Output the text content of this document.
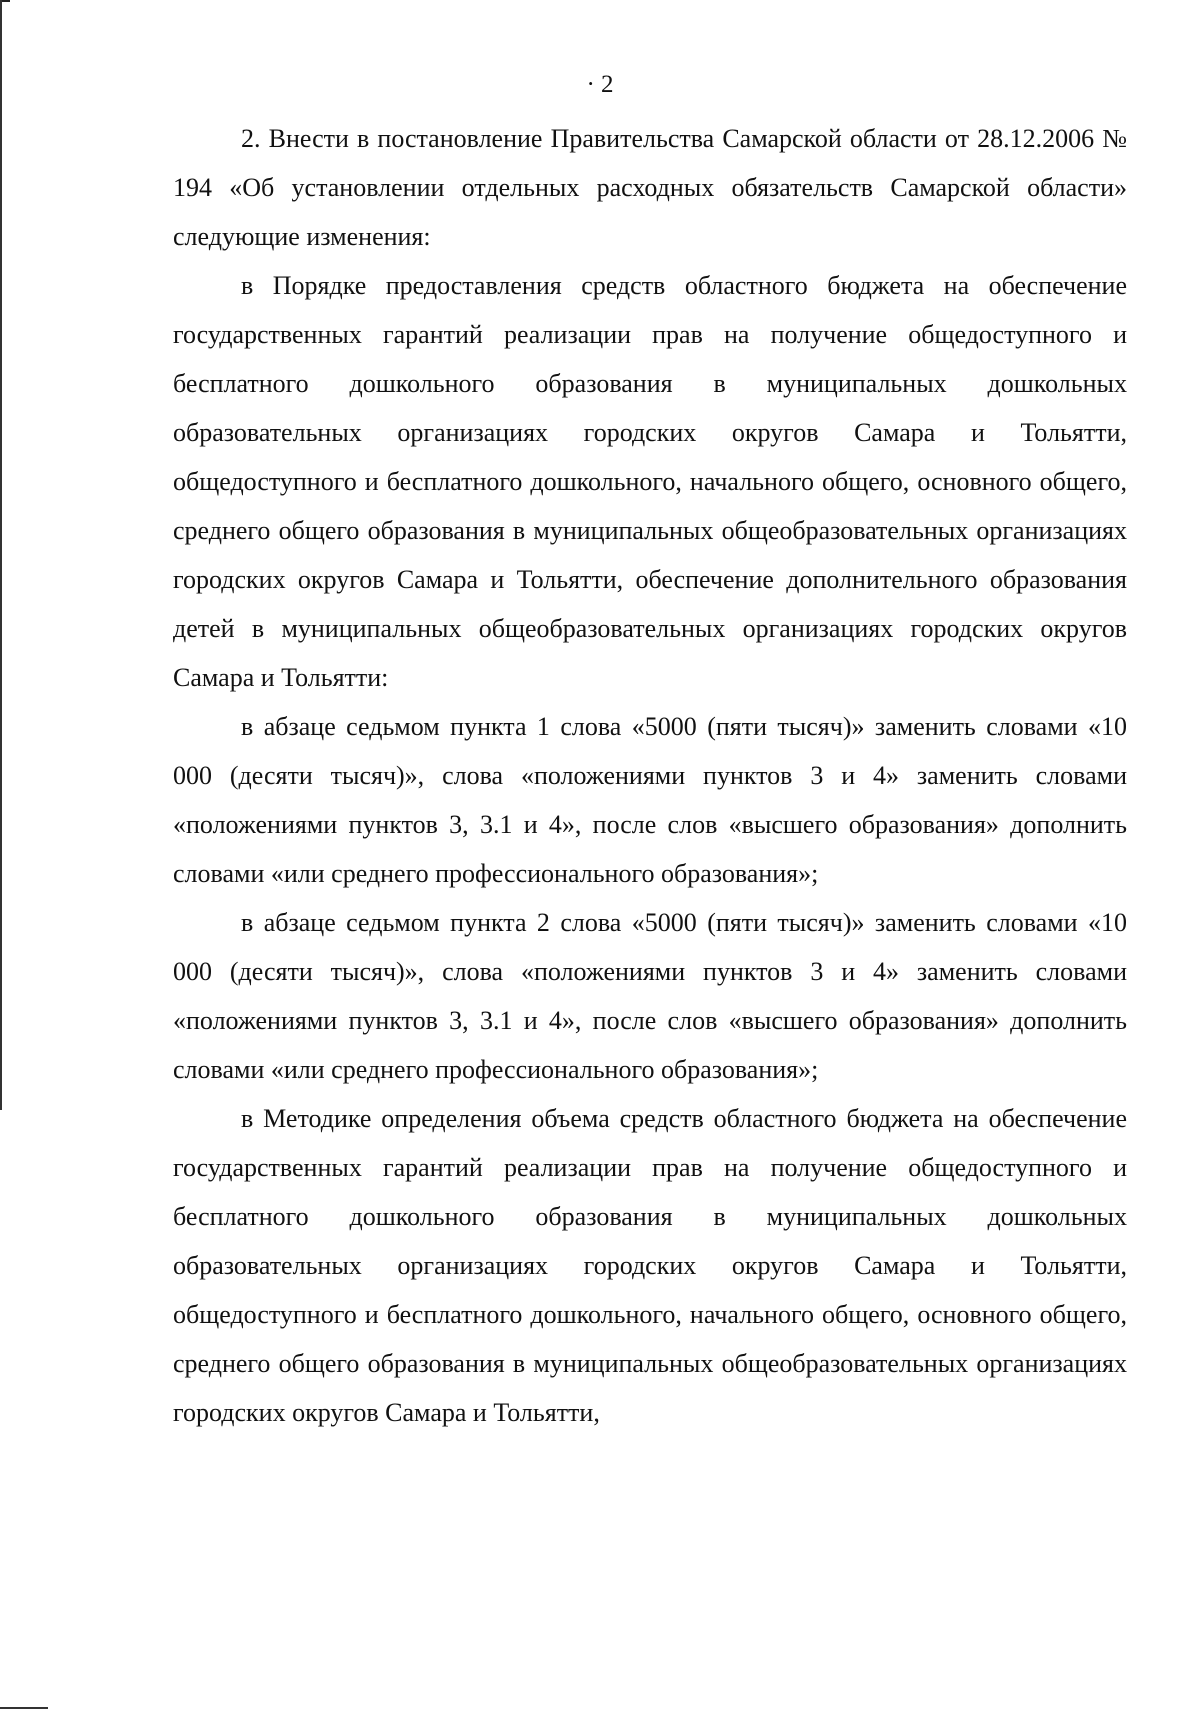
· 2

2. Внести в постановление Правительства Самарской области от 28.12.2006 № 194 «Об установлении отдельных расходных обязательств Самарской области» следующие изменения:

в Порядке предоставления средств областного бюджета на обеспечение государственных гарантий реализации прав на получение общедоступного и бесплатного дошкольного образования в муниципальных дошкольных образовательных организациях городских округов Самара и Тольятти, общедоступного и бесплатного дошкольного, начального общего, основного общего, среднего общего образования в муниципальных общеобразовательных организациях городских округов Самара и Тольятти, обеспечение дополнительного образования детей в муниципальных общеобразовательных организациях городских округов Самара и Тольятти:

в абзаце седьмом пункта 1 слова «5000 (пяти тысяч)» заменить словами «10 000 (десяти тысяч)», слова «положениями пунктов 3 и 4» заменить словами «положениями пунктов 3, 3.1 и 4», после слов «высшего образования» дополнить словами «или среднего профессионального образования»;

в абзаце седьмом пункта 2 слова «5000 (пяти тысяч)» заменить словами «10 000 (десяти тысяч)», слова «положениями пунктов 3 и 4» заменить словами «положениями пунктов 3, 3.1 и 4», после слов «высшего образования» дополнить словами «или среднего профессионального образования»;

в Методике определения объема средств областного бюджета на обеспечение государственных гарантий реализации прав на получение общедоступного и бесплатного дошкольного образования в муниципальных дошкольных образовательных организациях городских округов Самара и Тольятти, общедоступного и бесплатного дошкольного, начального общего, основного общего, среднего общего образования в муниципальных общеобразовательных организациях городских округов Самара и Тольятти,
